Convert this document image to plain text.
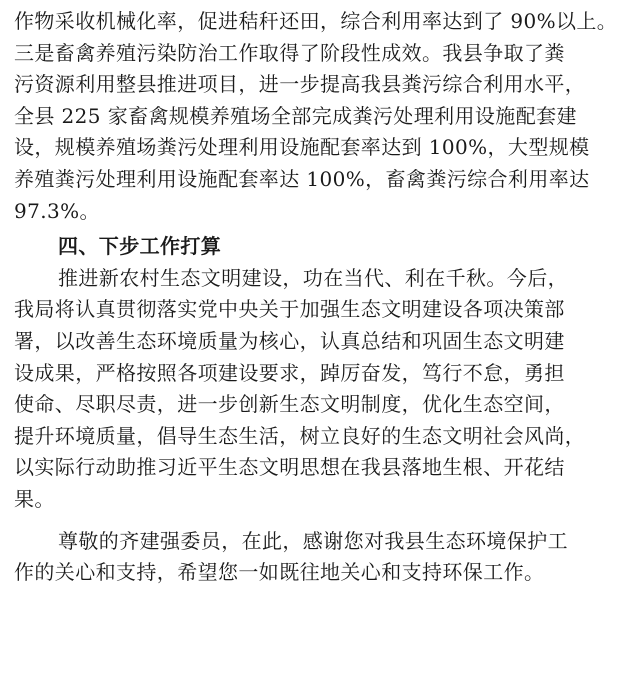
作物采收机械化率，促进秸秆还田，综合利用率达到了 90%以上。
三是畜禽养殖污染防治工作取得了阶段性成效。我县争取了粪
污资源利用整县推进项目，进一步提高我县粪污综合利用水平，
全县 225 家畜禽规模养殖场全部完成粪污处理利用设施配套建
设，规模养殖场粪污处理利用设施配套率达到 100%，大型规模
养殖粪污处理利用设施配套率达 100%，畜禽粪污综合利用率达
97.3%。
四、下步工作打算
推进新农村生态文明建设，功在当代、利在千秋。今后，
我局将认真贯彻落实党中央关于加强生态文明建设各项决策部
署，以改善生态环境质量为核心，认真总结和巩固生态文明建
设成果，严格按照各项建设要求，踔厉奋发，笃行不怠，勇担
使命、尽职尽责，进一步创新生态文明制度，优化生态空间，
提升环境质量，倡导生态生活，树立良好的生态文明社会风尚，
以实际行动助推习近平生态文明思想在我县落地生根、开花结
果。
尊敬的齐建强委员，在此，感谢您对我县生态环境保护工
作的关心和支持，希望您一如既往地关心和支持环保工作。
